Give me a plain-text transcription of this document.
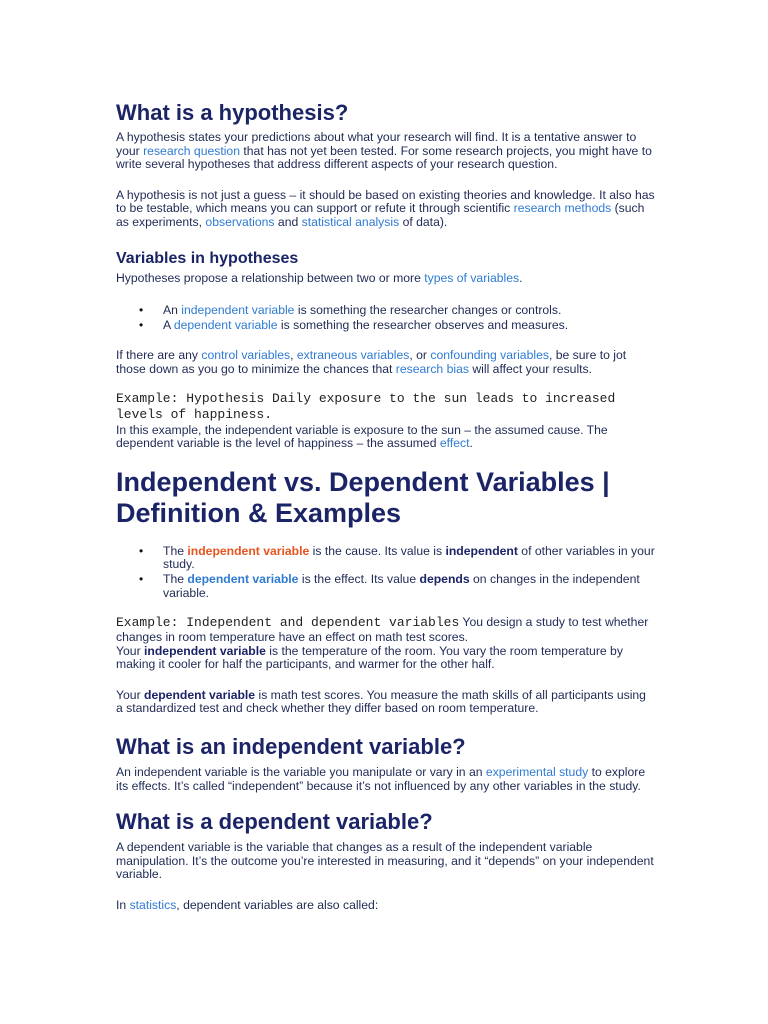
What is a hypothesis?

A hypothesis states your predictions about what your research will find. It is a tentative answer to your research question that has not yet been tested. For some research projects, you might have to write several hypotheses that address different aspects of your research question.

A hypothesis is not just a guess – it should be based on existing theories and knowledge. It also has to be testable, which means you can support or refute it through scientific research methods (such as experiments, observations and statistical analysis of data).

Variables in hypotheses

Hypotheses propose a relationship between two or more types of variables.

• An independent variable is something the researcher changes or controls.
• A dependent variable is something the researcher observes and measures.

If there are any control variables, extraneous variables, or confounding variables, be sure to jot those down as you go to minimize the chances that research bias will affect your results.

Example: Hypothesis Daily exposure to the sun leads to increased levels of happiness.

In this example, the independent variable is exposure to the sun – the assumed cause. The dependent variable is the level of happiness – the assumed effect.

Independent vs. Dependent Variables | Definition & Examples
• The independent variable is the cause. Its value is independent of other variables in your study.
• The dependent variable is the effect. Its value depends on changes in the independent variable.

Example: Independent and dependent variables You design a study to test whether changes in room temperature have an effect on math test scores.

Your independent variable is the temperature of the room. You vary the room temperature by making it cooler for half the participants, and warmer for the other half.

Your dependent variable is math test scores. You measure the math skills of all participants using a standardized test and check whether they differ based on room temperature.

What is an independent variable?

An independent variable is the variable you manipulate or vary in an experimental study to explore its effects. It’s called “independent” because it’s not influenced by any other variables in the study.

What is a dependent variable?

A dependent variable is the variable that changes as a result of the independent variable manipulation. It’s the outcome you’re interested in measuring, and it “depends” on your independent variable.

In statistics, dependent variables are also called:
